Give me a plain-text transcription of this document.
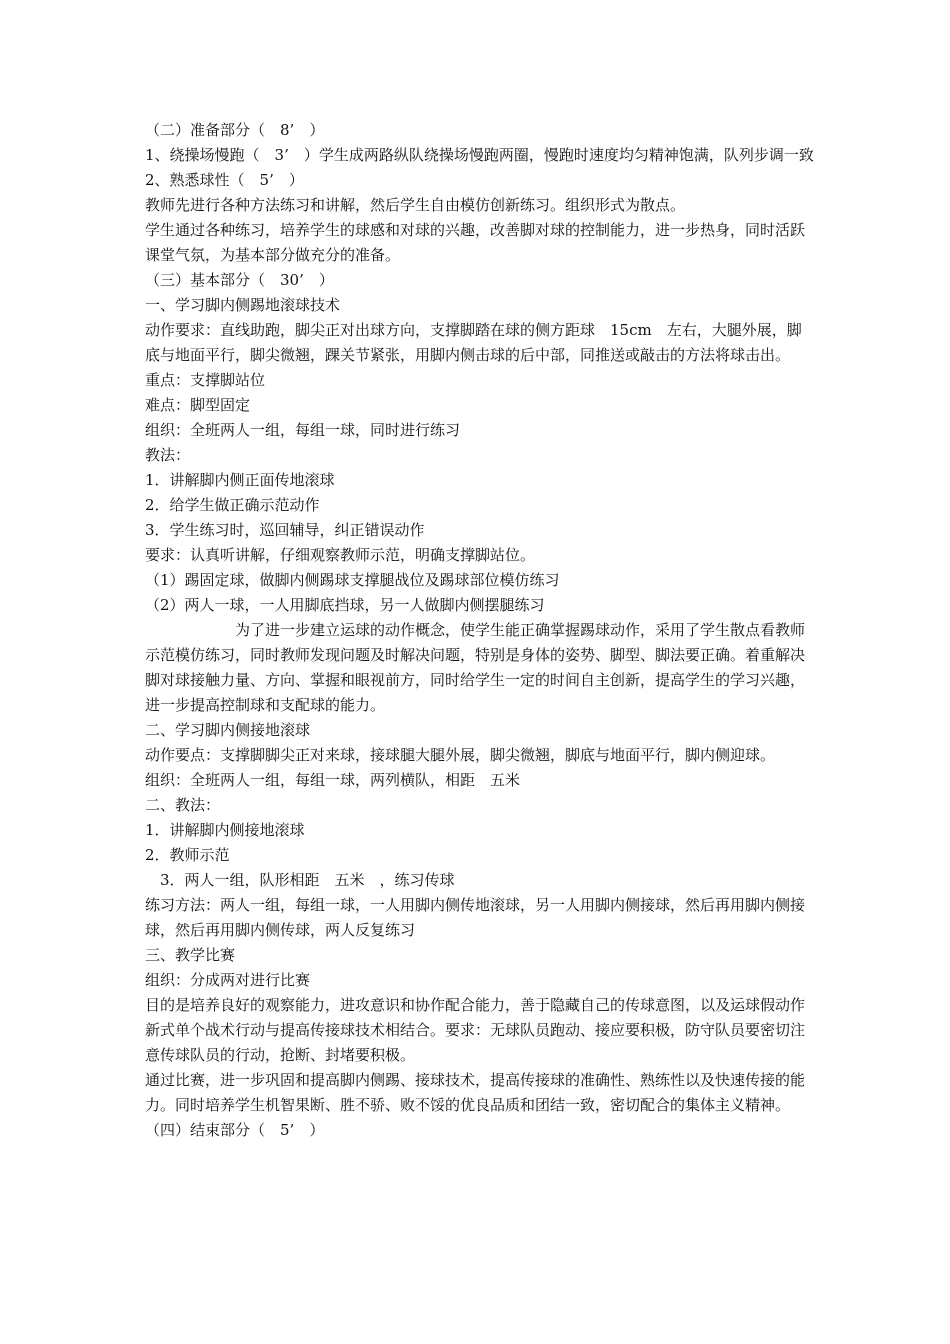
（二）准备部分（　8’　）
1、绕操场慢跑（　3’　）学生成两路纵队绕操场慢跑两圈，慢跑时速度均匀精神饱满，队列步调一致
2、熟悉球性（　5’　）
教师先进行各种方法练习和讲解，然后学生自由模仿创新练习。组织形式为散点。
学生通过各种练习，培养学生的球感和对球的兴趣，改善脚对球的控制能力，进一步热身，同时活跃课堂气氛，为基本部分做充分的准备。
（三）基本部分（　30’　）
一、学习脚内侧踢地滚球技术
动作要求：直线助跑，脚尖正对出球方向，支撑脚踏在球的侧方距球　15cm　左右，大腿外展，脚底与地面平行，脚尖微翘，踝关节紧张，用脚内侧击球的后中部，同推送或敲击的方法将球击出。
重点：支撑脚站位
难点：脚型固定
组织：全班两人一组，每组一球，同时进行练习
教法：
1．讲解脚内侧正面传地滚球
2．给学生做正确示范动作
3．学生练习时，巡回辅导，纠正错误动作
要求：认真听讲解，仔细观察教师示范，明确支撑脚站位。
（1）踢固定球，做脚内侧踢球支撑腿战位及踢球部位模仿练习
（2）两人一球，一人用脚底挡球，另一人做脚内侧摆腿练习
为了进一步建立运球的动作概念，使学生能正确掌握踢球动作，采用了学生散点看教师示范模仿练习，同时教师发现问题及时解决问题，特别是身体的姿势、脚型、脚法要正确。着重解决脚对球接触力量、方向、掌握和眼视前方，同时给学生一定的时间自主创新，提高学生的学习兴趣，进一步提高控制球和支配球的能力。
二、学习脚内侧接地滚球
动作要点：支撑脚脚尖正对来球，接球腿大腿外展，脚尖微翘，脚底与地面平行，脚内侧迎球。
组织：全班两人一组，每组一球，两列横队，相距　五米
二、教法：
1．讲解脚内侧接地滚球
2．教师示范
　3．两人一组，队形相距　五米　，练习传球
练习方法：两人一组，每组一球，一人用脚内侧传地滚球，另一人用脚内侧接球，然后再用脚内侧接球，然后再用脚内侧传球，两人反复练习
三、教学比赛
组织：分成两对进行比赛
目的是培养良好的观察能力，进攻意识和协作配合能力，善于隐藏自己的传球意图，以及运球假动作新式单个战术行动与提高传接球技术相结合。要求：无球队员跑动、接应要积极，防守队员要密切注意传球队员的行动，抢断、封堵要积极。
通过比赛，进一步巩固和提高脚内侧踢、接球技术，提高传接球的准确性、熟练性以及快速传接的能力。同时培养学生机智果断、胜不骄、败不馁的优良品质和团结一致，密切配合的集体主义精神。
（四）结束部分（　5’　）
